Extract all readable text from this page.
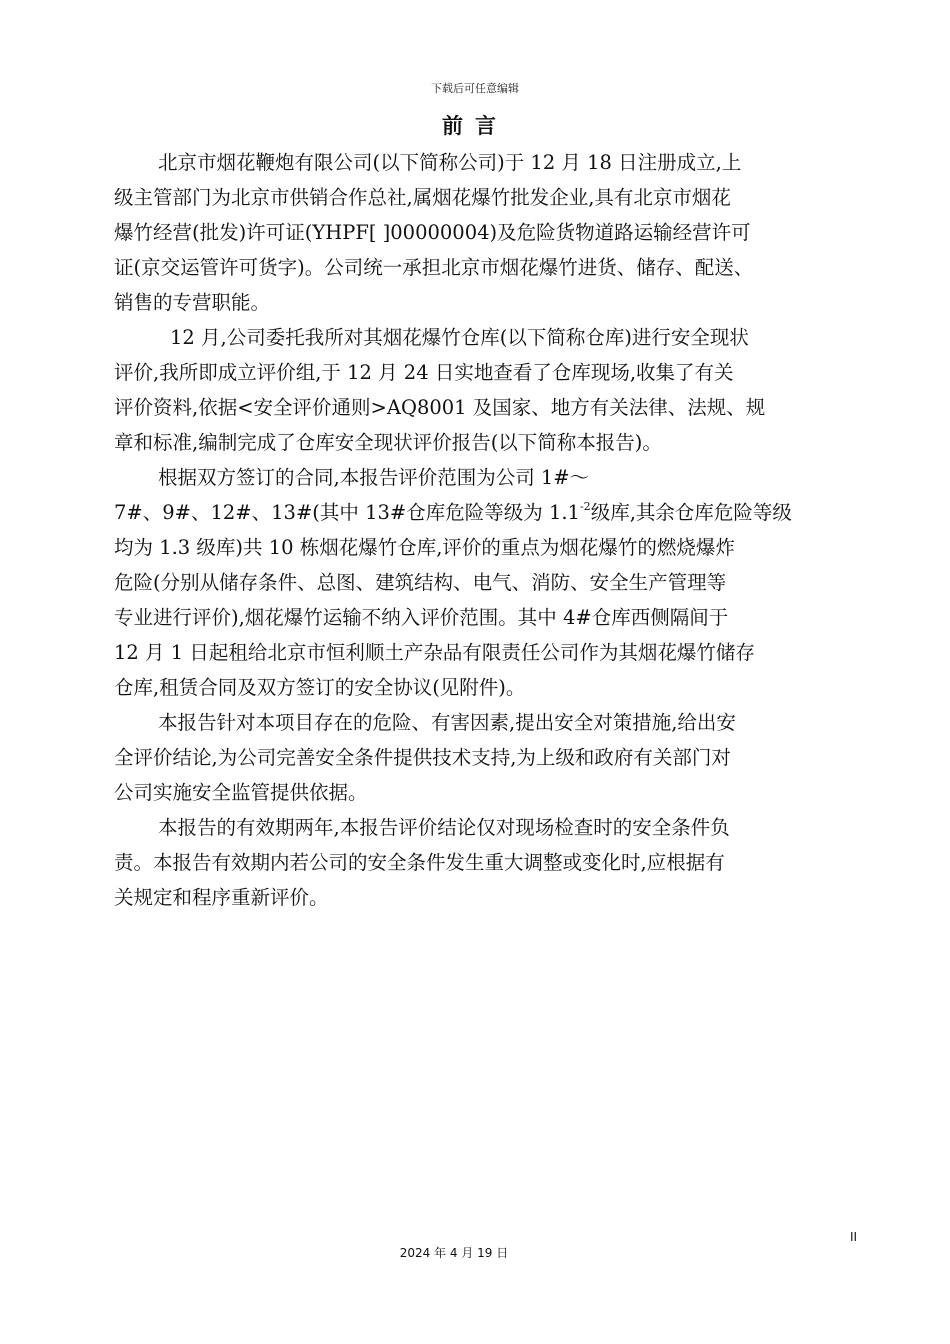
下载后可任意编辑
前言
北京市烟花鞭炮有限公司(以下简称公司)于 12 月 18 日注册成立,上
级主管部门为北京市供销合作总社,属烟花爆竹批发企业,具有北京市烟花
爆竹经营(批发)许可证(YHPF[ ]00000004)及危险货物道路运输经营许可
证(京交运管许可货字)。公司统一承担北京市烟花爆竹进货、储存、配送、
销售的专营职能。
12 月,公司委托我所对其烟花爆竹仓库(以下简称仓库)进行安全现状
评价,我所即成立评价组,于 12 月 24 日实地查看了仓库现场,收集了有关
评价资料,依据<安全评价通则>AQ8001 及国家、地方有关法律、法规、规
章和标准,编制完成了仓库安全现状评价报告(以下简称本报告)。
根据双方签订的合同,本报告评价范围为公司 1#～
7#、9#、12#、13#(其中 13#仓库危险等级为 $1.1^{-2}$级库,其余仓库危险等级
均为 1.3 级库)共 10 栋烟花爆竹仓库,评价的重点为烟花爆竹的燃烧爆炸
危险(分别从储存条件、总图、建筑结构、电气、消防、安全生产管理等
专业进行评价),烟花爆竹运输不纳入评价范围。其中 4#仓库西侧隔间于
12 月 1 日起租给北京市恒利顺土产杂品有限责任公司作为其烟花爆竹储存
仓库,租赁合同及双方签订的安全协议(见附件)。
本报告针对本项目存在的危险、有害因素,提出安全对策措施,给出安
全评价结论,为公司完善安全条件提供技术支持,为上级和政府有关部门对
公司实施安全监管提供依据。
本报告的有效期两年,本报告评价结论仅对现场检查时的安全条件负
责。本报告有效期内若公司的安全条件发生重大调整或变化时,应根据有
关规定和程序重新评价。
II
2024 年 4 月 19 日
